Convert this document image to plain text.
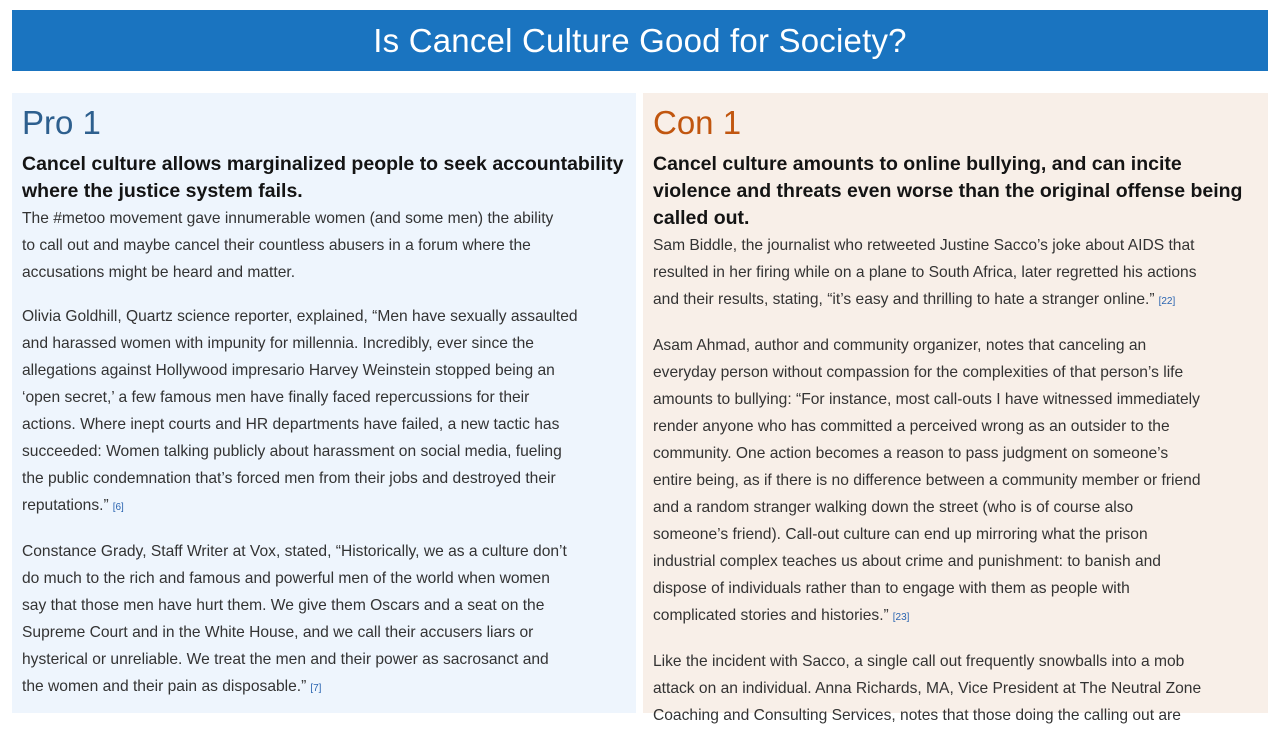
Is Cancel Culture Good for Society?
Pro 1

Cancel culture allows marginalized people to seek accountability where the justice system fails.

The #metoo movement gave innumerable women (and some men) the ability
to call out and maybe cancel their countless abusers in a forum where the
accusations might be heard and matter.

Olivia Goldhill, Quartz science reporter, explained, “Men have sexually assaulted
and harassed women with impunity for millennia. Incredibly, ever since the
allegations against Hollywood impresario Harvey Weinstein stopped being an
‘open secret,’ a few famous men have finally faced repercussions for their
actions. Where inept courts and HR departments have failed, a new tactic has
succeeded: Women talking publicly about harassment on social media, fueling
the public condemnation that’s forced men from their jobs and destroyed their
reputations.” [6]

Constance Grady, Staff Writer at Vox, stated, “Historically, we as a culture don’t
do much to the rich and famous and powerful men of the world when women
say that those men have hurt them. We give them Oscars and a seat on the
Supreme Court and in the White House, and we call their accusers liars or
hysterical or unreliable. We treat the men and their power as sacrosanct and
the women and their pain as disposable.” [7]

Con 1

Cancel culture amounts to online bullying, and can incite violence and threats even worse than the original offense being called out.

Sam Biddle, the journalist who retweeted Justine Sacco’s joke about AIDS that
resulted in her firing while on a plane to South Africa, later regretted his actions
and their results, stating, “it’s easy and thrilling to hate a stranger online.” [22]

Asam Ahmad, author and community organizer, notes that canceling an
everyday person without compassion for the complexities of that person’s life
amounts to bullying: “For instance, most call-outs I have witnessed immediately
render anyone who has committed a perceived wrong as an outsider to the
community. One action becomes a reason to pass judgment on someone’s
entire being, as if there is no difference between a community member or friend
and a random stranger walking down the street (who is of course also
someone’s friend). Call-out culture can end up mirroring what the prison
industrial complex teaches us about crime and punishment: to banish and
dispose of individuals rather than to engage with them as people with
complicated stories and histories.” [23]

Like the incident with Sacco, a single call out frequently snowballs into a mob
attack on an individual. Anna Richards, MA, Vice President at The Neutral Zone
Coaching and Consulting Services, notes that those doing the calling out are
